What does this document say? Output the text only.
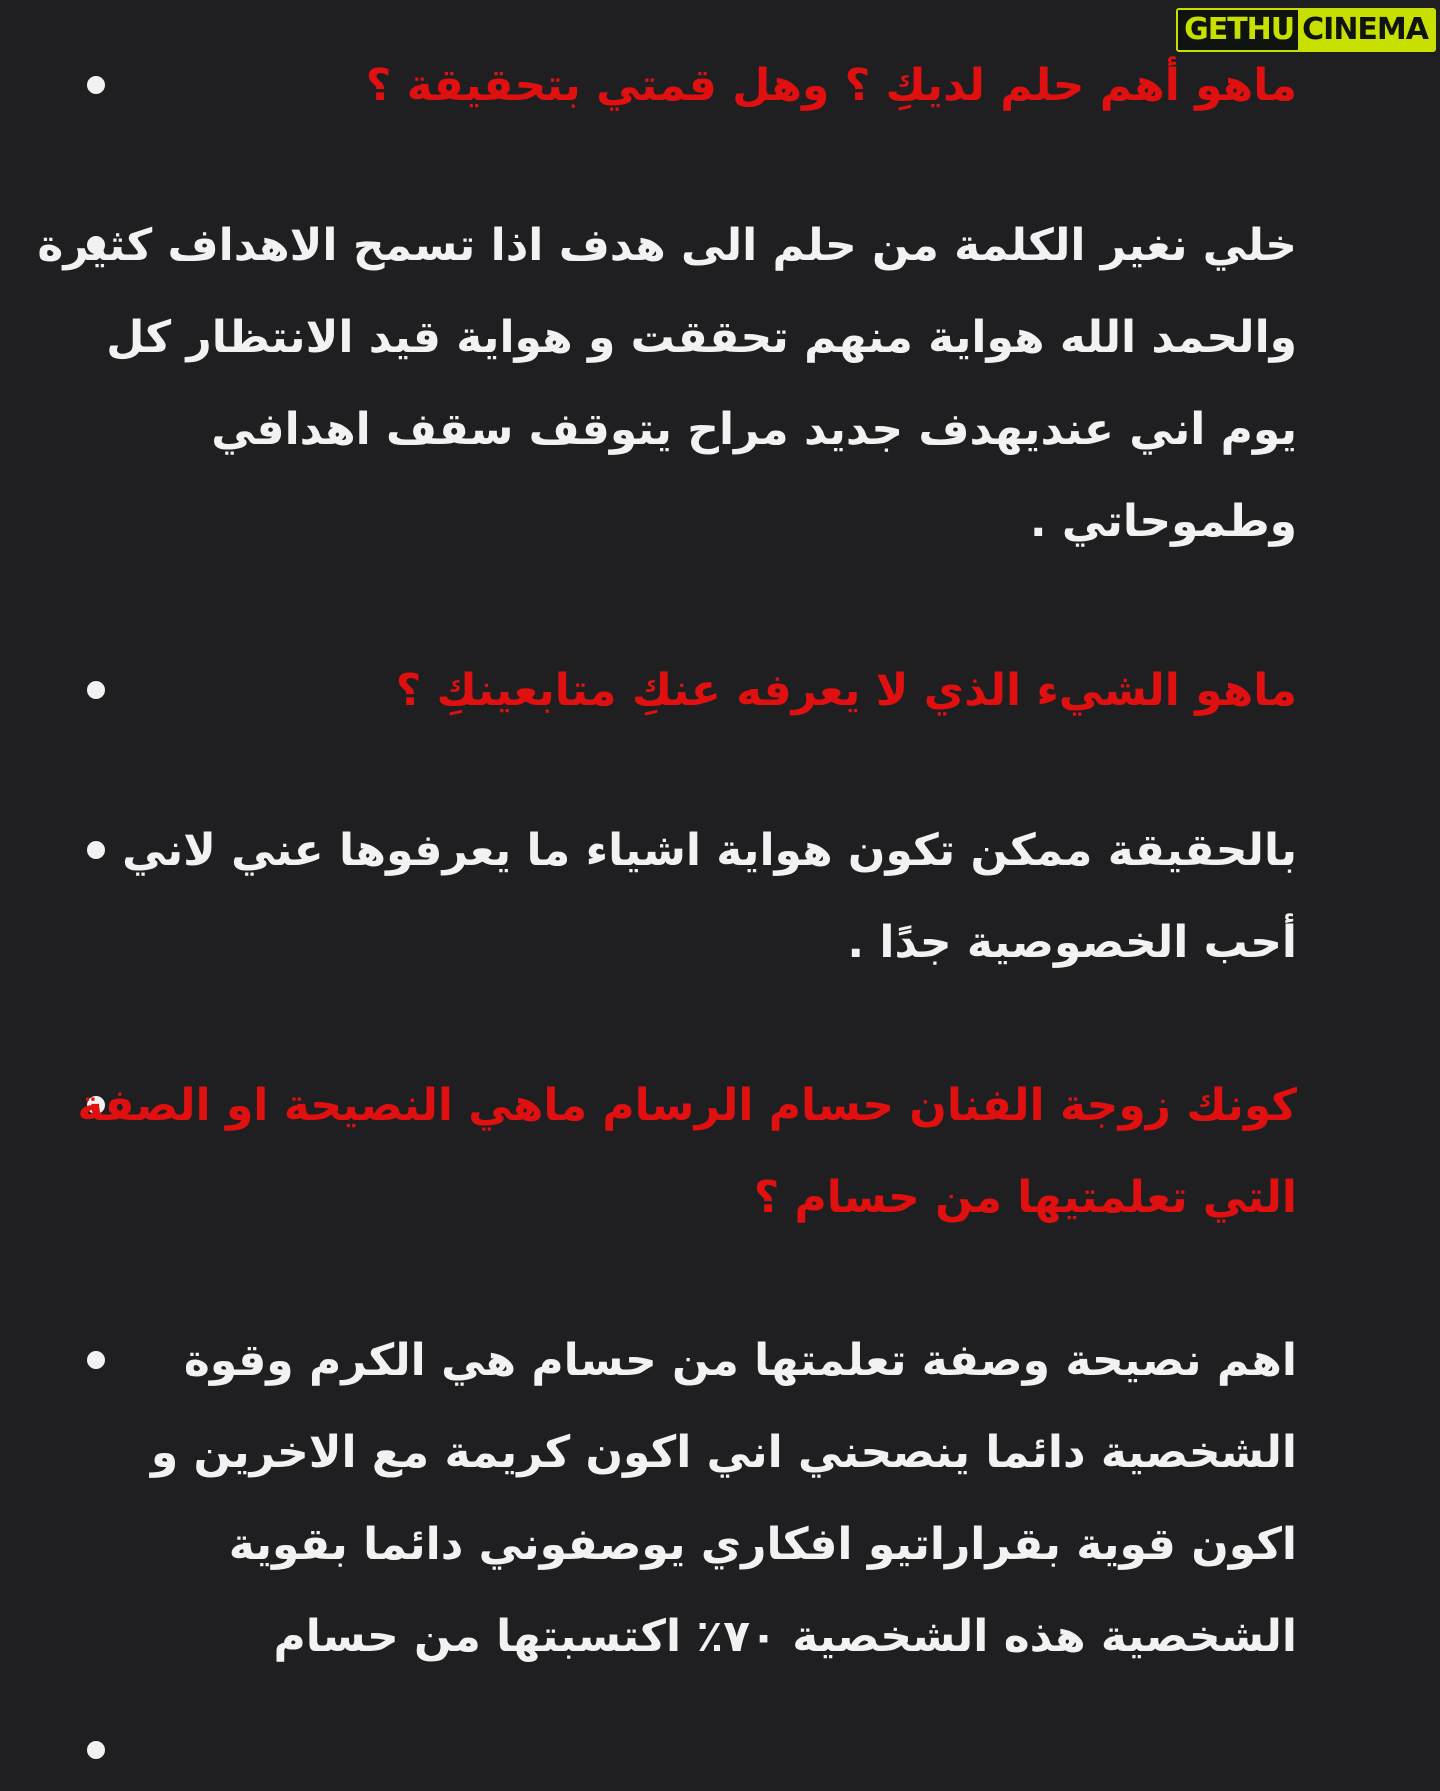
ماهو أهم حلم لديكِ ؟ وهل قمتي بتحقيقة ؟
خلي نغير الكلمة من حلم الى هدف اذا تسمح الاهداف كثيرة والحمد الله هواية منهم تحققت و هواية قيد الانتظار كل يوم اني عنديهدف جديد مراح يتوقف سقف اهدافي وطموحاتي .
ماهو الشيء الذي لا يعرفه عنكِ متابعينكِ ؟
بالحقيقة ممكن تكون هواية اشياء ما يعرفوها عني لاني أحب الخصوصية جدًا .
كونك زوجة الفنان حسام الرسام ماهي النصيحة او الصفة التي تعلمتيها من حسام ؟
اهم نصيحة وصفة تعلمتها من حسام هي الكرم وقوة الشخصية دائما ينصحني اني اكون كريمة مع الاخرين و اكون قوية بقراراتيو افكاري يوصفوني دائما بقوية الشخصية هذه الشخصية ٧٠٪ اكتسبتها من حسام
GETHU CINEMA
